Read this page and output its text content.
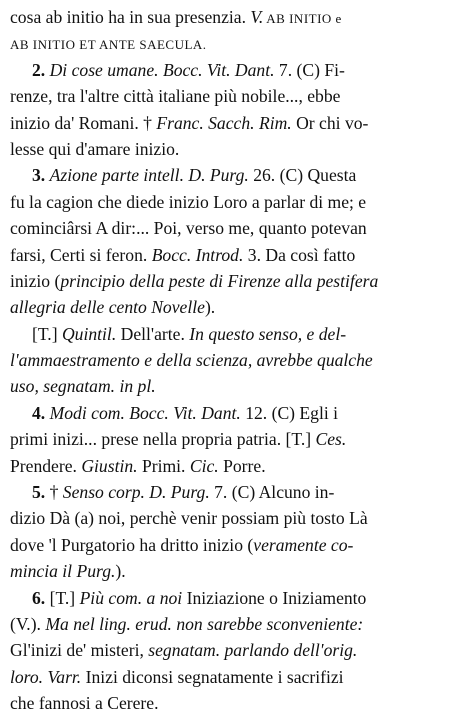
cosa ab initio ha in sua presenzia. V. AB INITIO e
AB INITIO ET ANTE SAECULA.
2. Di cose umane. Bocc. Vit. Dant. 7. (C) Fi-
renze, tra l'altre città italiane più nobile..., ebbe
inizio da' Romani. † Franc. Sacch. Rim. Or chi vo-
lesse qui d'amare inizio.
3. Azione parte intell. D. Purg. 26. (C) Questa
fu la cagion che diede inizio Loro a parlar di me; e
cominciârsi A dir:... Poi, verso me, quanto potevan
farsi, Certi si feron. Bocc. Introd. 3. Da così fatto
inizio (principio della peste di Firenze alla pestifera
allegria delle cento Novelle).
[T.] Quintil. Dell'arte. In questo senso, e del-
l'ammaestramento e della scienza, avrebbe qualche
uso, segnatam. in pl.
4. Modi com. Bocc. Vit. Dant. 12. (C) Egli i
primi inizi... prese nella propria patria. [T.] Ces.
Prendere. Giustin. Primi. Cic. Porre.
5. † Senso corp. D. Purg. 7. (C) Alcuno in-
dizio Dà (a) noi, perchè venir possiam più tosto Là
dove 'l Purgatorio ha dritto inizio (veramente co-
mincia il Purg.).
6. [T.] Più com. a noi Iniziazione o Iniziamento
(V.). Ma nel ling. erud. non sarebbe sconveniente:
Gl'inizi de' misteri, segnatam. parlando dell'orig.
loro. Varr. Inizi diconsi segnatamente i sacrifizi
che fannosi a Cerere.
